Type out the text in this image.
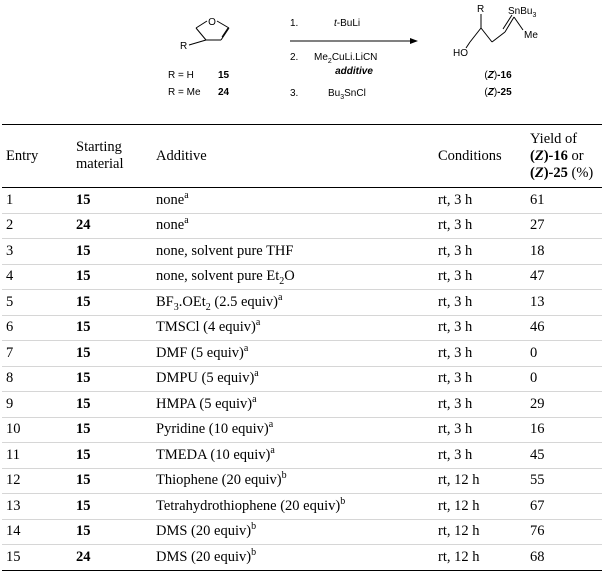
O
R
R = H 15
R = Me 24
1.	t-BuLi
2. $Me_2CuLi.LiCN$
additive
3.	$Bu_3SnCl$
R SnBu$_3$
Me
HO
(Z)-16
(Z)-25
Entry	Starting
material	Additive	Conditions	Yield of
(Z)-16 or
(Z)-25 (%)
1	15	none$^a$	rt, 3 h	61
2	24	none$^a$	rt, 3 h	27
3	15	none, solvent pure THF	rt, 3 h	18
4	15	none, solvent pure $Et_2O$	rt, 3 h	47
5	15	$BF_3.OEt_2$ (2.5 equiv)$^a$	rt, 3 h	13
6	15	TMSCl (4 equiv)$^a$	rt, 3 h	46
7	15	DMF (5 equiv)$^a$	rt, 3 h	0
8	15	DMPU (5 equiv)$^a$	rt, 3 h	0
9	15	HMPA (5 equiv)$^a$	rt, 3 h	29
10	15	Pyridine (10 equiv)$^a$	rt, 3 h	16
11	15	TMEDA (10 equiv)$^a$	rt, 3 h	45
12	15	Thiophene (20 equiv)$^b$	rt, 12 h	55
13	15	Tetrahydrothiophene (20 equiv)$^b$	rt, 12 h	67
14	15	DMS (20 equiv)$^b$	rt, 12 h	76
15	24	DMS (20 equiv)$^b$	rt, 12 h	68
